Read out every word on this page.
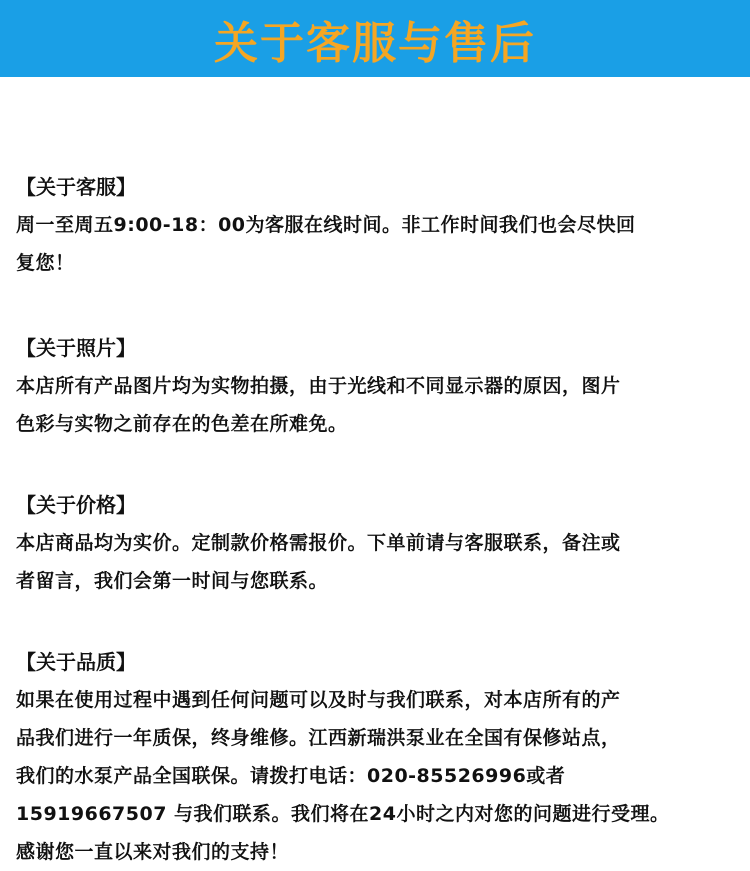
关于客服与售后
【关于客服】
周一至周五9:00-18：00为客服在线时间。非工作时间我们也会尽快回
复您！
【关于照片】
本店所有产品图片均为实物拍摄，由于光线和不同显示器的原因，图片
色彩与实物之前存在的色差在所难免。
【关于价格】
本店商品均为实价。定制款价格需报价。下单前请与客服联系，备注或
者留言，我们会第一时间与您联系。
【关于品质】
如果在使用过程中遇到任何问题可以及时与我们联系，对本店所有的产
品我们进行一年质保，终身维修。江西新瑞洪泵业在全国有保修站点，
我们的水泵产品全国联保。请拨打电话：020-85526996或者
15919667507 与我们联系。我们将在24小时之内对您的问题进行受理。
感谢您一直以来对我们的支持！
